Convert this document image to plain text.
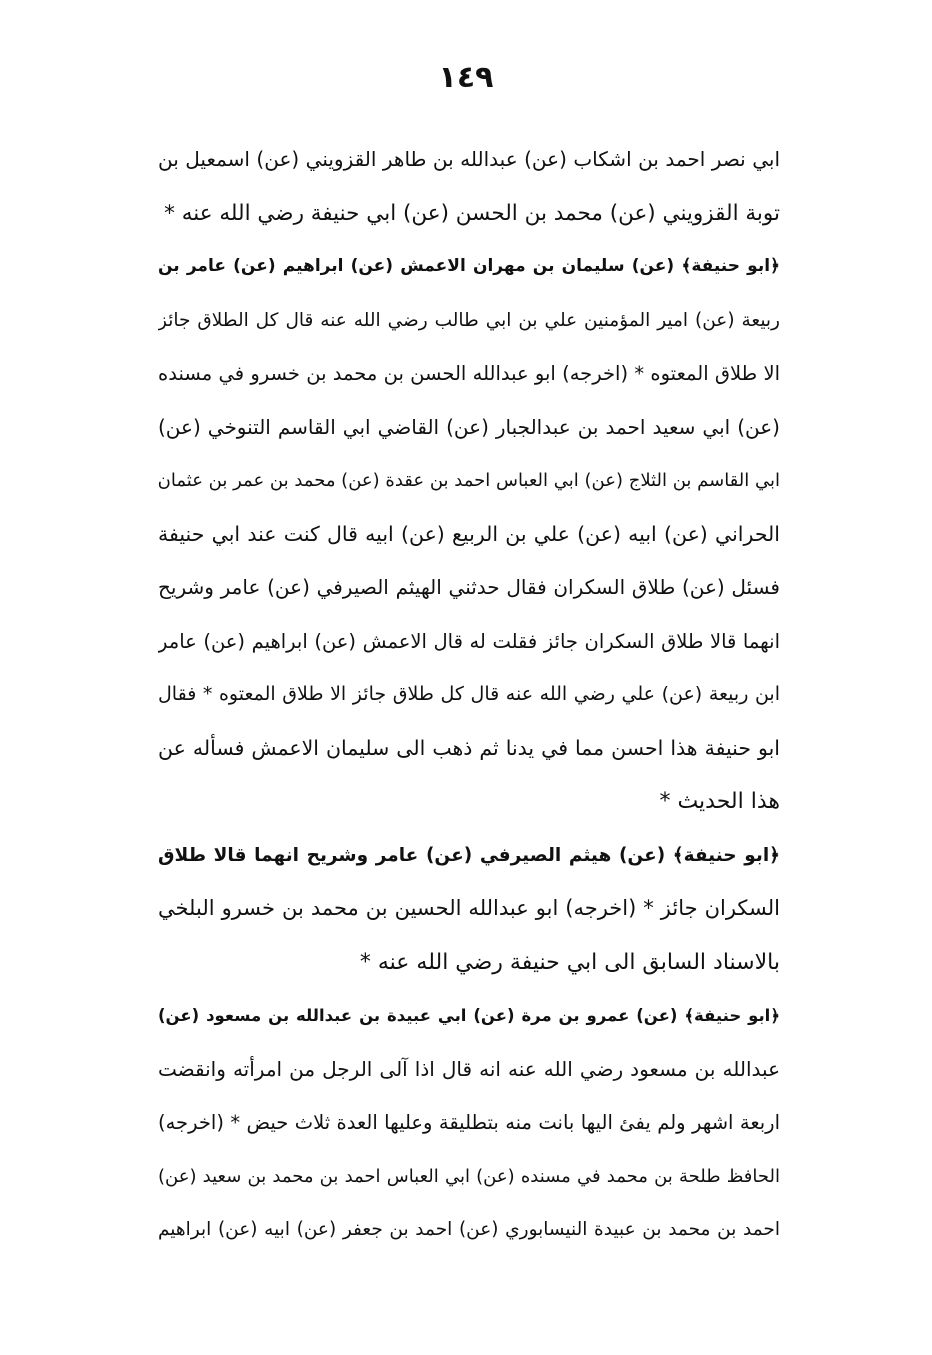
١٤٩
ابي نصر احمد بن اشكاب (عن) عبدالله بن طاهر القزويني (عن) اسمعيل بن
توبة القزويني (عن) محمد بن الحسن (عن) ابي حنيفة رضي الله عنه *
﴿ابو حنيفة﴾ (عن) سليمان بن مهران الاعمش (عن) ابراهيم (عن) عامر بن
ربيعة (عن) امير المؤمنين علي بن ابي طالب رضي الله عنه قال كل الطلاق جائز
الا طلاق المعتوه * (اخرجه) ابو عبدالله الحسن بن محمد بن خسرو في مسنده
(عن) ابي سعيد احمد بن عبدالجبار (عن) القاضي ابي القاسم التنوخي (عن)
ابي القاسم بن الثلاج (عن) ابي العباس احمد بن عقدة (عن) محمد بن عمر بن عثمان
الحراني (عن) ابيه (عن) علي بن الربيع (عن) ابيه قال كنت عند ابي حنيفة
فسئل (عن) طلاق السكران فقال حدثني الهيثم الصيرفي (عن) عامر وشريح
انهما قالا طلاق السكران جائز فقلت له قال الاعمش (عن) ابراهيم (عن) عامر
ابن ربيعة (عن) علي رضي الله عنه قال كل طلاق جائز الا طلاق المعتوه * فقال
ابو حنيفة هذا احسن مما في يدنا ثم ذهب الى سليمان الاعمش فسأله عن
هذا الحديث *
﴿ابو حنيفة﴾ (عن) هيثم الصيرفي (عن) عامر وشريح انهما قالا طلاق
السكران جائز * (اخرجه) ابو عبدالله الحسين بن محمد بن خسرو البلخي
بالاسناد السابق الى ابي حنيفة رضي الله عنه *
﴿ابو حنيفة﴾ (عن) عمرو بن مرة (عن) ابي عبيدة بن عبدالله بن مسعود (عن)
عبدالله بن مسعود رضي الله عنه انه قال اذا آلى الرجل من امرأته وانقضت
اربعة اشهر ولم يفئ اليها بانت منه بتطليقة وعليها العدة ثلاث حيض * (اخرجه)
الحافظ طلحة بن محمد في مسنده (عن) ابي العباس احمد بن محمد بن سعيد (عن)
احمد بن محمد بن عبيدة النيسابوري (عن) احمد بن جعفر (عن) ابيه (عن) ابراهيم
